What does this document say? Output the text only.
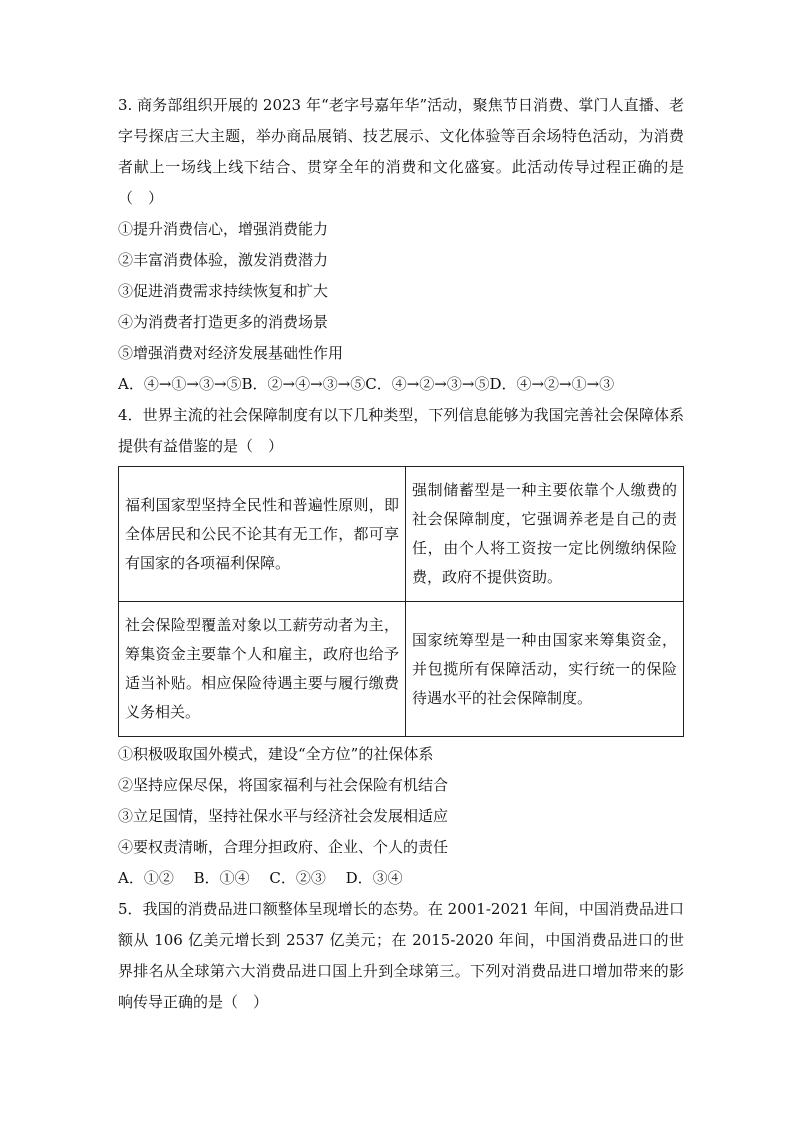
3. 商务部组织开展的 2023 年“老字号嘉年华”活动，聚焦节日消费、掌门人直播、老字号探店三大主题，举办商品展销、技艺展示、文化体验等百余场特色活动，为消费者献上一场线上线下结合、贯穿全年的消费和文化盛宴。此活动传导过程正确的是（　）

①提升消费信心，增强消费能力

②丰富消费体验，激发消费潜力

③促进消费需求持续恢复和扩大

④为消费者打造更多的消费场景

⑤增强消费对经济发展基础性作用

A．④→①→③→⑤B．②→④→③→⑤C．④→②→③→⑤D．④→②→①→③

4．世界主流的社会保障制度有以下几种类型，下列信息能够为我国完善社会保障体系提供有益借鉴的是（　）

福利国家型坚持全民性和普遍性原则，即全体居民和公民不论其有无工作，都可享有国家的各项福利保障。	强制储蓄型是一种主要依靠个人缴费的社会保障制度，它强调养老是自己的责任，由个人将工资按一定比例缴纳保险费，政府不提供资助。
社会保险型覆盖对象以工薪劳动者为主，筹集资金主要靠个人和雇主，政府也给予适当补贴。相应保险待遇主要与履行缴费义务相关。	国家统筹型是一种由国家来筹集资金，并包揽所有保障活动，实行统一的保险待遇水平的社会保障制度。

①积极吸取国外模式，建设“全方位”的社保体系

②坚持应保尽保，将国家福利与社会保险有机结合

③立足国情，坚持社保水平与经济社会发展相适应

④要权责清晰，合理分担政府、企业、个人的责任

A．①②　 B．①④　 C．②③　 D．③④

5．我国的消费品进口额整体呈现增长的态势。在 2001-2021 年间，中国消费品进口额从 106 亿美元增长到 2537 亿美元；在 2015-2020 年间，中国消费品进口的世界排名从全球第六大消费品进口国上升到全球第三。下列对消费品进口增加带来的影响传导正确的是（　）
